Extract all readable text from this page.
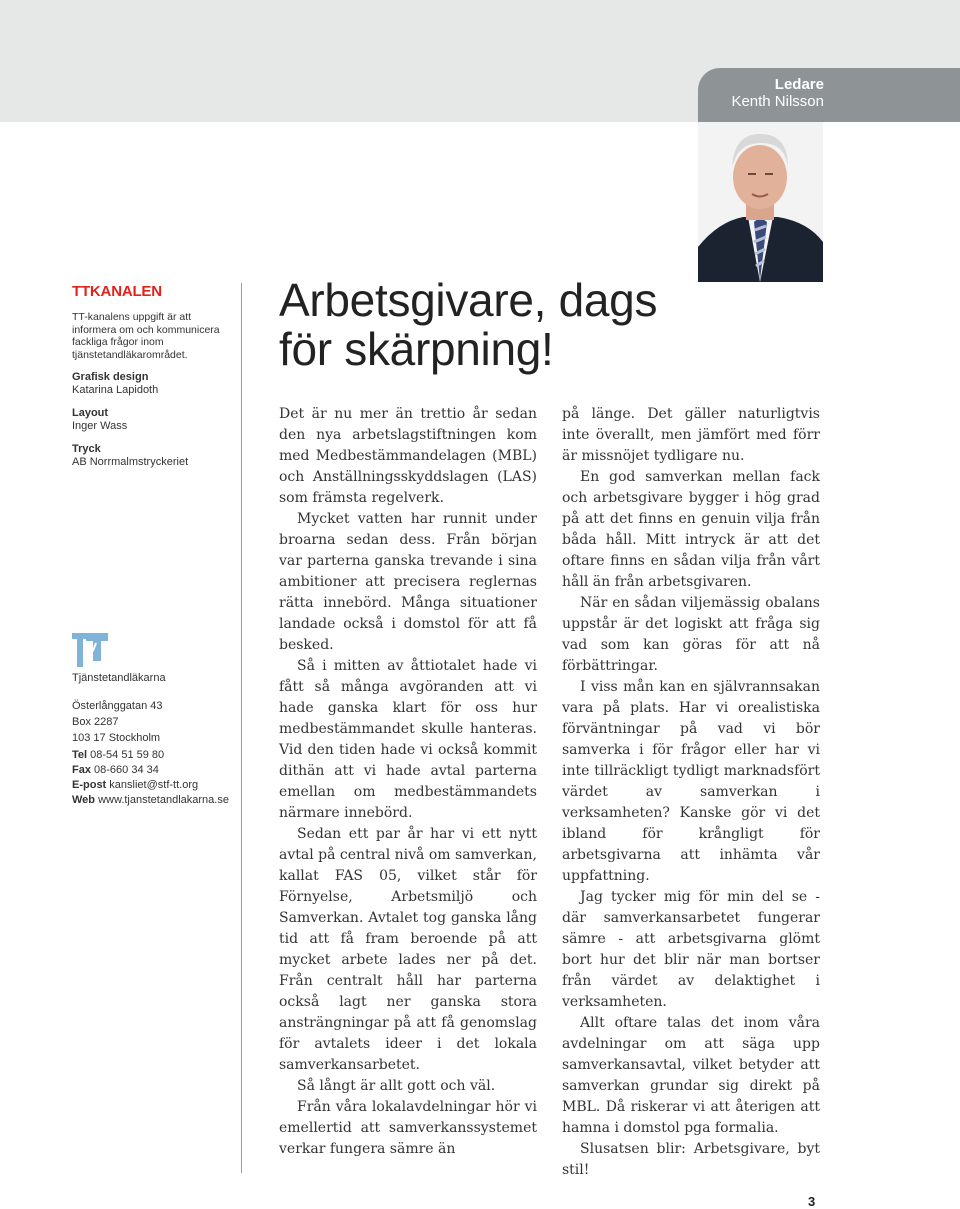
Ledare
Kenth Nilsson
TTKANALEN
TT-kanalens uppgift är att informera om och kommunicera fackliga frågor inom tjänstetandläkarområdet.
Grafisk design
Katarina Lapidoth
Layout
Inger Wass
Tryck
AB Norrmalmstryckeriet
Tjänstetandläkarna
Österlånggatan 43
Box 2287
103 17 Stockholm
Tel 08-54 51 59 80
Fax 08-660 34 34
E-post kansliet@stf-tt.org
Web www.tjanstetandlakarna.se
Arbetsgivare, dags
för skärpning!

Det är nu mer än trettio år sedan den nya arbetslagstiftningen kom med Medbestämmandelagen (MBL) och Anställningsskyddslagen (LAS) som främsta regelverk.

Mycket vatten har runnit under broarna sedan dess. Från början var parterna ganska trevande i sina ambitioner att precisera reglernas rätta innebörd. Många situationer landade också i domstol för att få besked.

Så i mitten av åttiotalet hade vi fått så många avgöranden att vi hade ganska klart för oss hur medbestämmandet skulle hanteras. Vid den tiden hade vi också kommit dithän att vi hade avtal parterna emellan om medbestämmandets närmare innebörd.

Sedan ett par år har vi ett nytt avtal på central nivå om samverkan, kallat FAS 05, vilket står för Förnyelse, Arbetsmiljö och Samverkan. Avtalet tog ganska lång tid att få fram beroende på att mycket arbete lades ner på det. Från centralt håll har parterna också lagt ner ganska stora ansträngningar på att få genomslag för avtalets ideer i det lokala samverkansarbetet.

Så långt är allt gott och väl.

Från våra lokalavdelningar hör vi emellertid att samverkanssystemet verkar fungera sämre än

på länge. Det gäller naturligtvis inte överallt, men jämfört med förr är missnöjet tydligare nu.

En god samverkan mellan fack och arbetsgivare bygger i hög grad på att det finns en genuin vilja från båda håll. Mitt intryck är att det oftare finns en sådan vilja från vårt håll än från arbetsgivaren.

När en sådan viljemässig obalans uppstår är det logiskt att fråga sig vad som kan göras för att nå förbättringar.

I viss mån kan en självrannsakan vara på plats. Har vi orealistiska förväntningar på vad vi bör samverka i för frågor eller har vi inte tillräckligt tydligt marknadsfört värdet av samverkan i verksamheten? Kanske gör vi det ibland för krångligt för arbetsgivarna att inhämta vår uppfattning.

Jag tycker mig för min del se - där samverkansarbetet fungerar sämre - att arbetsgivarna glömt bort hur det blir när man bortser från värdet av delaktighet i verksamheten.

Allt oftare talas det inom våra avdelningar om att säga upp samverkansavtal, vilket betyder att samverkan grundar sig direkt på MBL. Då riskerar vi att återigen att hamna i domstol pga formalia.

Slusatsen blir: Arbetsgivare, byt stil!

3
